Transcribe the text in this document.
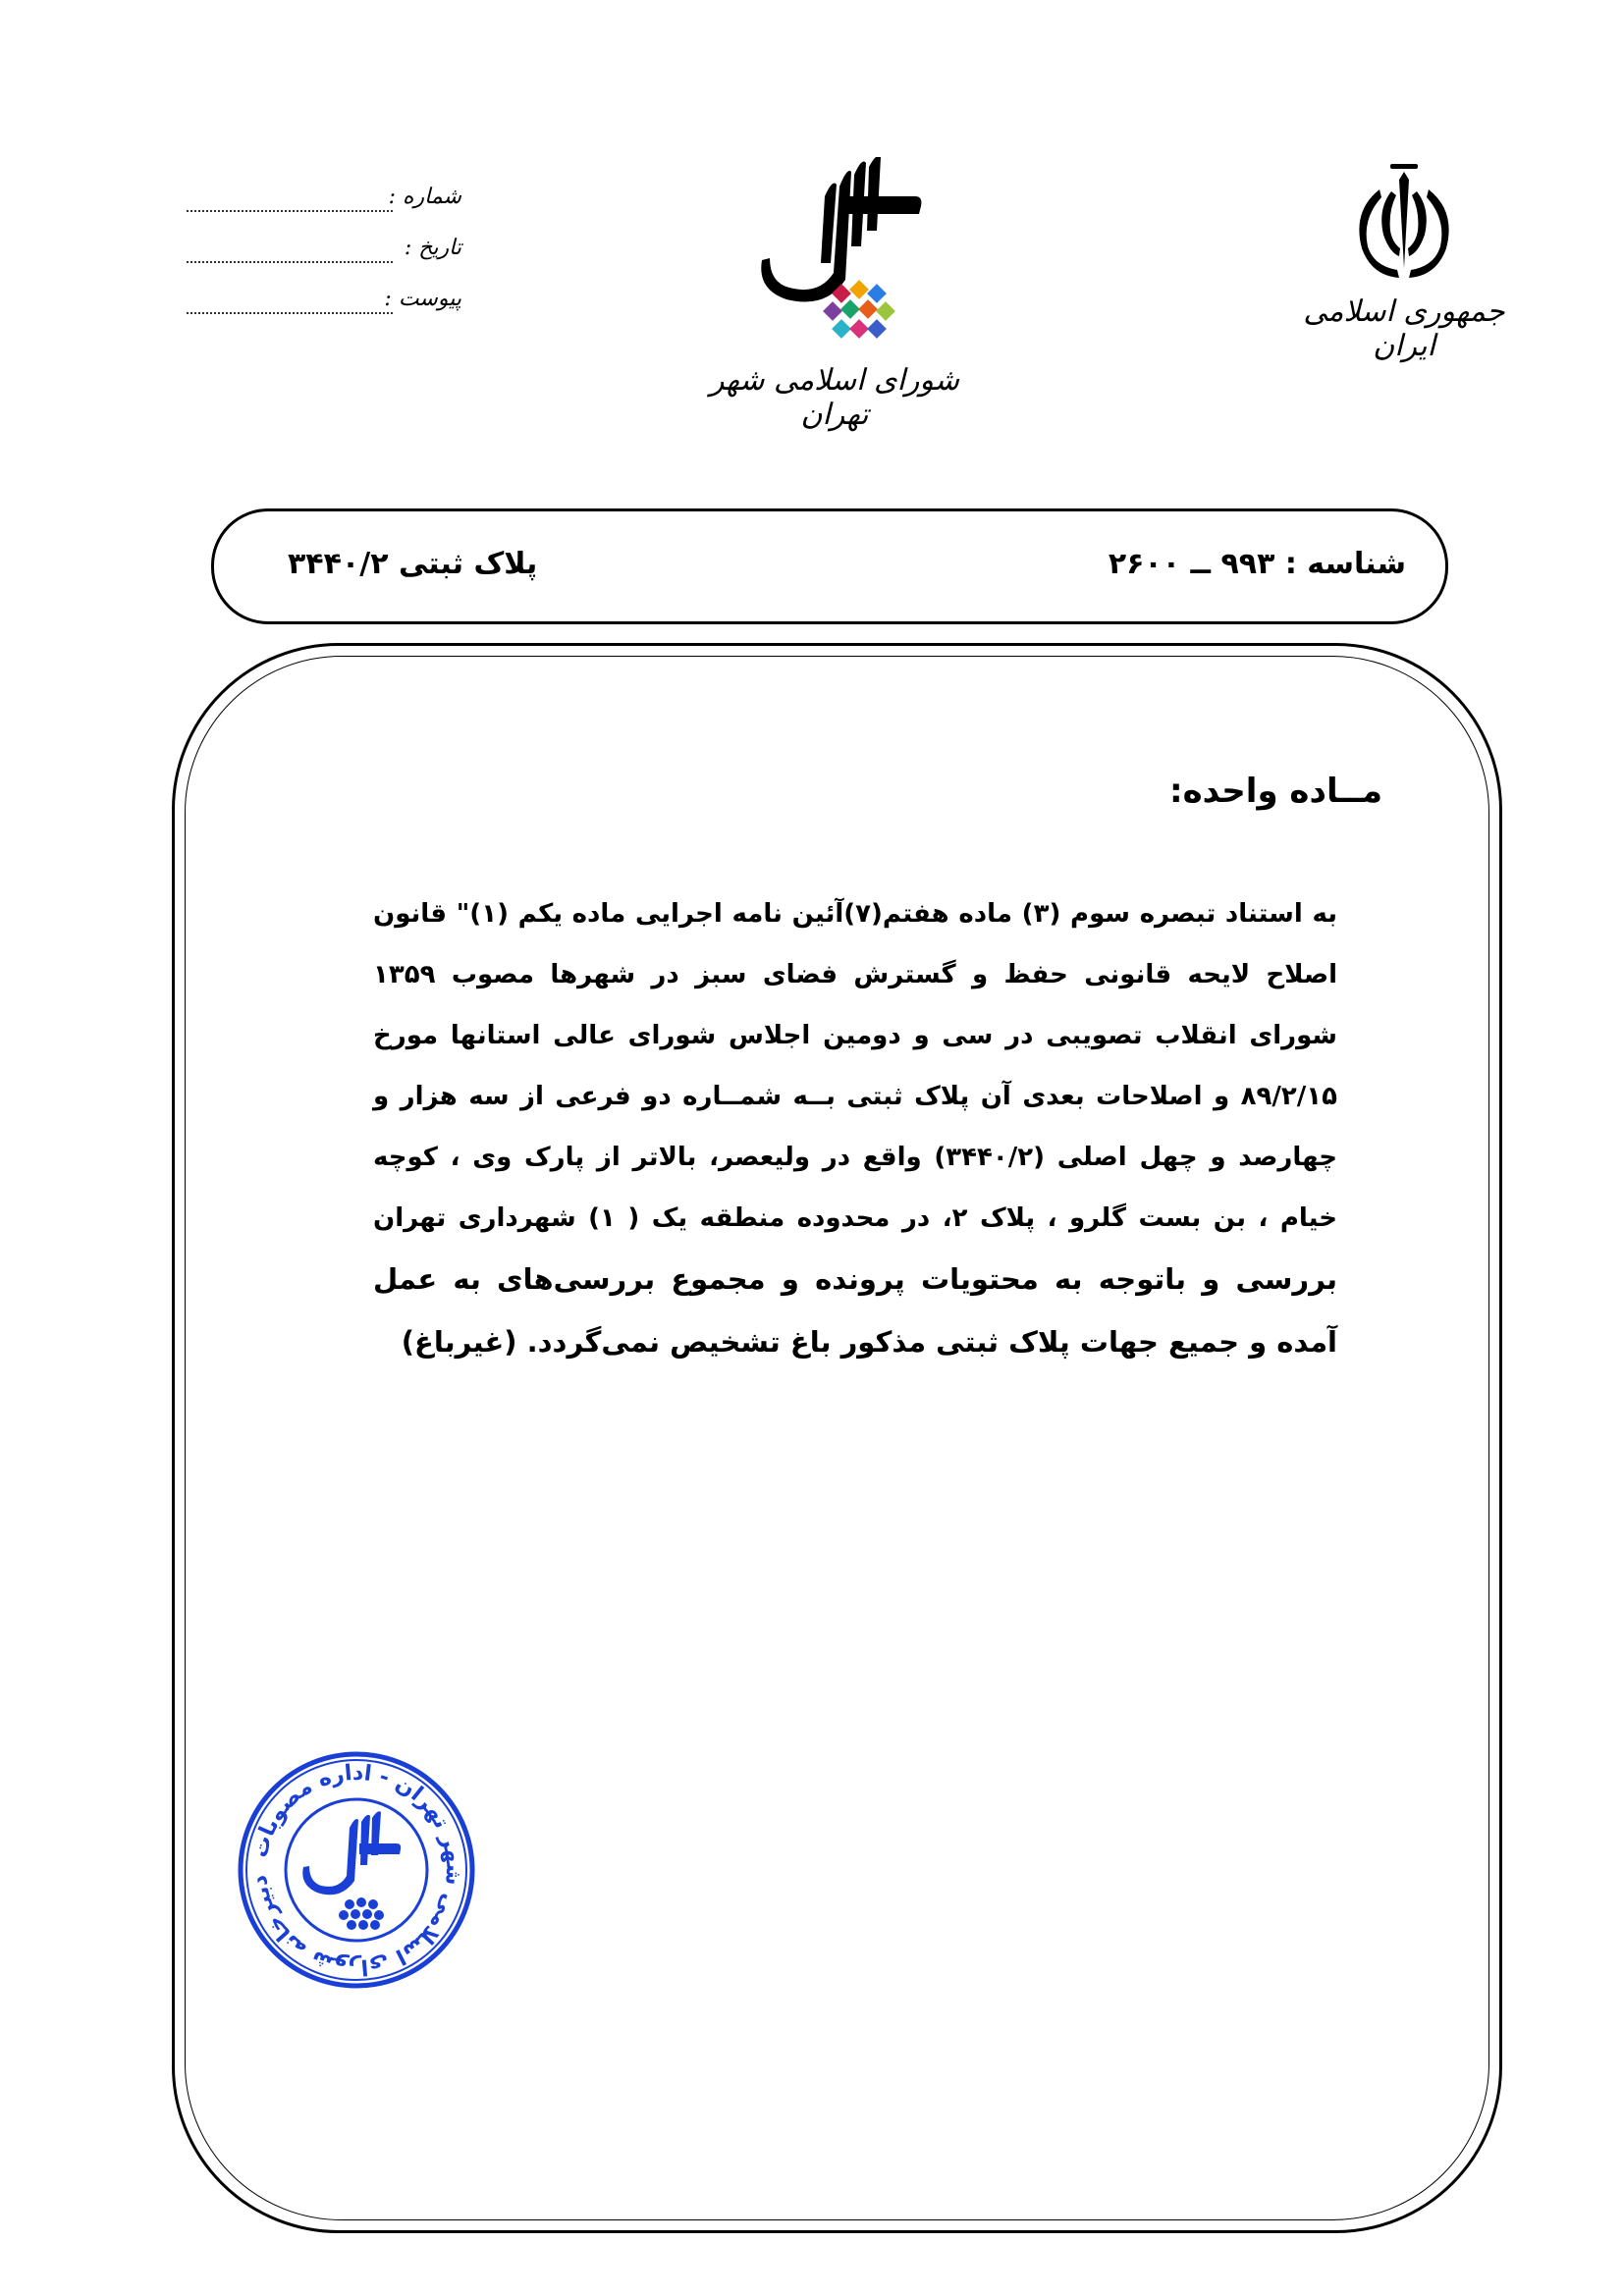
شماره :
تاریخ :
پیوست :
شورای اسلامی شهر تهران
جمهوری اسلامی ایران
شناسه : ۹۹۳ ــ ۲۶۰۰
پلاک ثبتی ۳۴۴۰/۲
مــاده واحده:
به استناد تبصره سوم (۳) ماده هفتم(۷)آئین نامه اجرایی ماده یکم (۱)" قانون اصلاح لایحه قانونی حفظ و گسترش فضای سبز در شهرها مصوب ۱۳۵۹ شورای انقلاب تصویبی در سی و دومین اجلاس شورای عالی استانها مورخ ۸۹/۲/۱۵ و اصلاحات بعدی آن پلاک ثبتی بــه شمــاره دو فرعی از سه هزار و چهارصد و چهل اصلی (۳۴۴۰/۲) واقع در ولیعصر، بالاتر از پارک وی ، کوچه خیام ، بن بست گلرو ، پلاک ۲، در محدوده منطقه یک ( ۱) شهرداری تهران بررسی و باتوجه به محتویات پرونده و مجموع بررسی‌های به عمل آمده و جمیع جهات پلاک ثبتی مذکور باغ تشخیص نمی‌گردد. (غیرباغ)
دبیرخانه شورای اسلامی شهر تهران - اداره مصوبات
